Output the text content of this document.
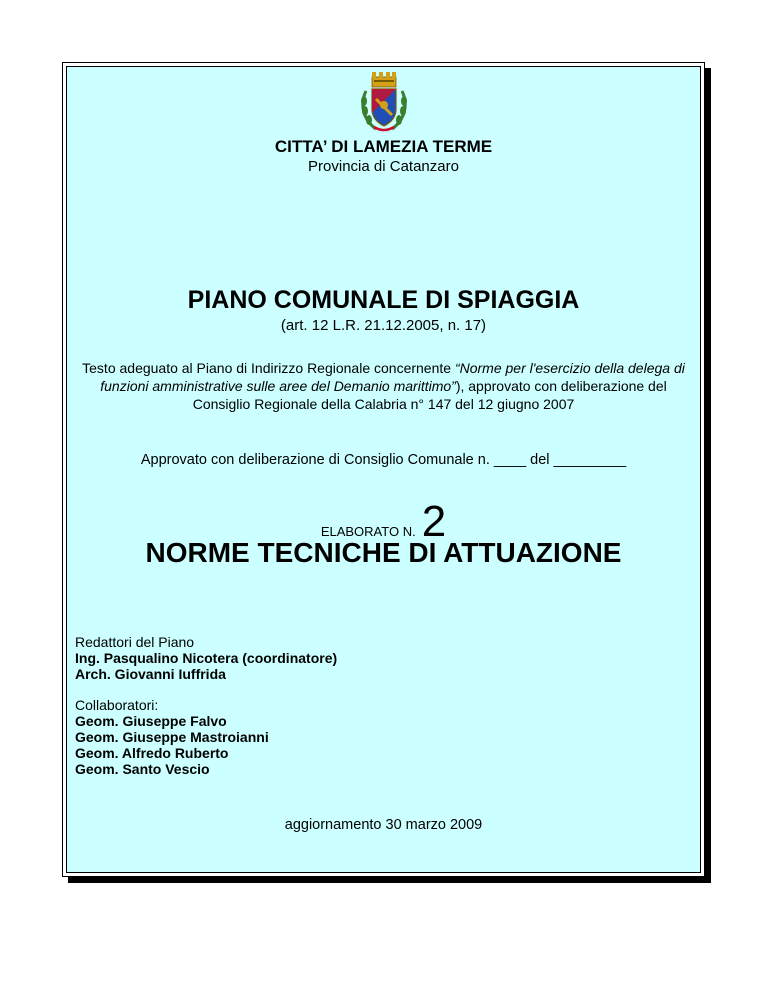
CITTA’ DI LAMEZIA TERME
Provincia di Catanzaro
PIANO COMUNALE DI SPIAGGIA
(art. 12 L.R. 21.12.2005, n. 17)
Testo adeguato al Piano di Indirizzo Regionale concernente “Norme per l'esercizio della delega di funzioni amministrative sulle aree del Demanio marittimo”), approvato con deliberazione del Consiglio Regionale della Calabria n° 147 del 12 giugno 2007
Approvato con deliberazione di Consiglio Comunale n. ____ del _________
ELABORATO N. 2
NORME TECNICHE DI ATTUAZIONE
Redattori del Piano
Ing. Pasqualino Nicotera (coordinatore)
Arch. Giovanni Iuffrida
Collaboratori:
Geom. Giuseppe Falvo
Geom. Giuseppe Mastroianni
Geom. Alfredo Ruberto
Geom. Santo Vescio
aggiornamento 30 marzo 2009
